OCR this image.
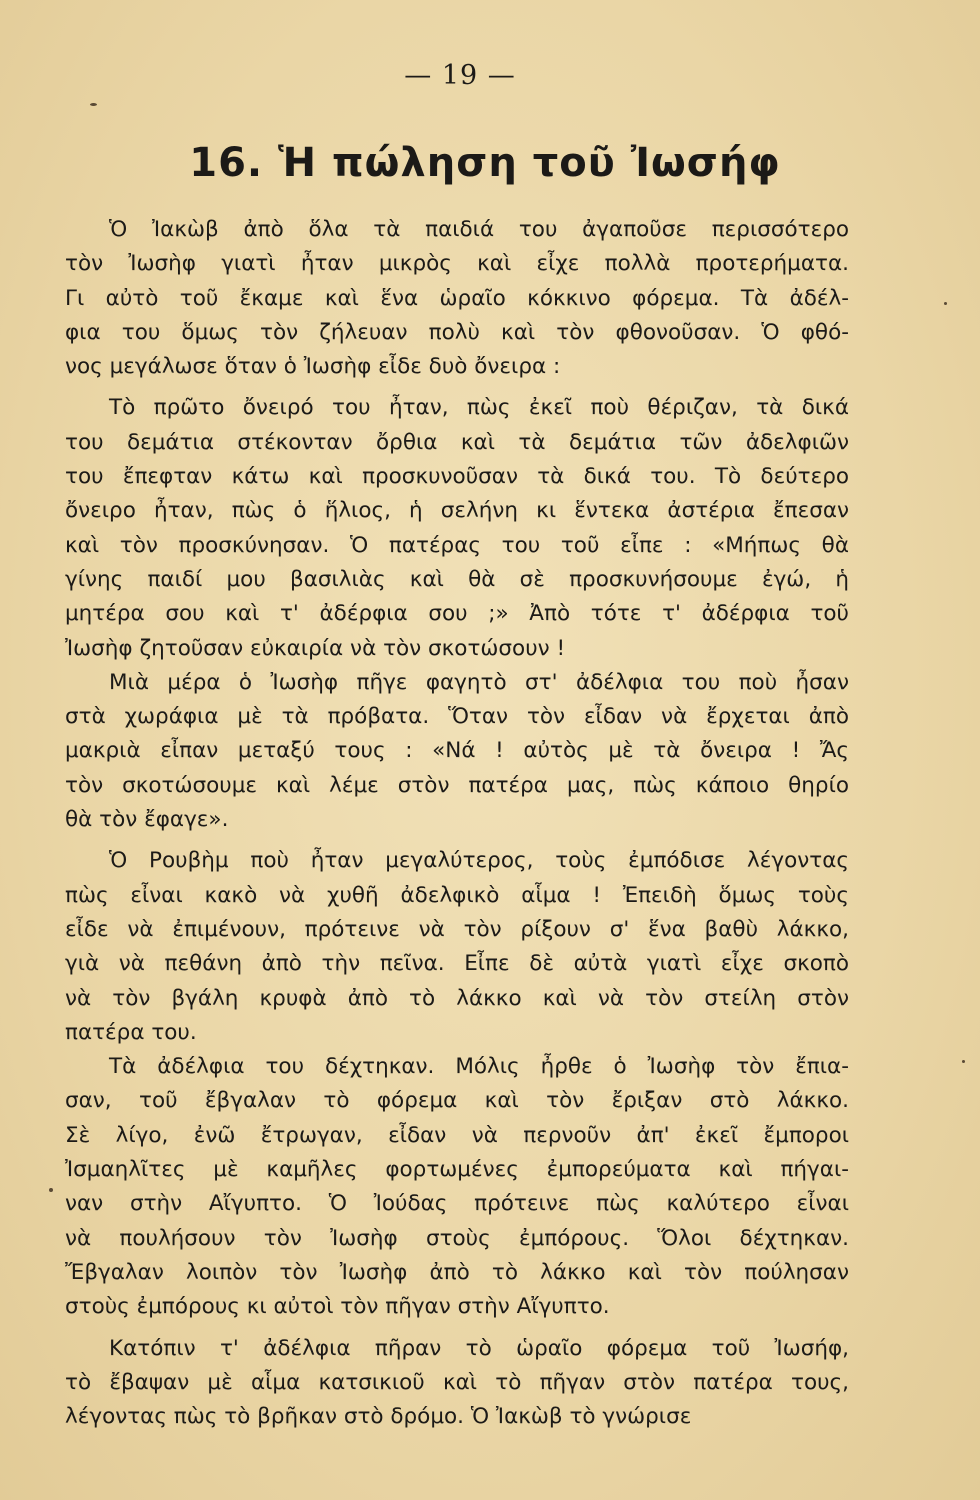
— 19 —
16. Ἡ πώληση τοῦ Ἰωσήφ
Ὁ Ἰακὼβ ἀπὸ ὅλα τὰ παιδιά του ἀγαποῦσε περισσότερο
τὸν Ἰωσὴφ γιατὶ ἦταν μικρὸς καὶ εἶχε πολλὰ προτερήματα.
Γι αὐτὸ τοῦ ἔκαμε καὶ ἕνα ὡραῖο κόκκινο φόρεμα. Τὰ ἀδέλ-
φια του ὅμως τὸν ζήλευαν πολὺ καὶ τὸν φθονοῦσαν. Ὁ φθό-
νος μεγάλωσε ὅταν ὁ Ἰωσὴφ εἶδε δυὸ ὄνειρα :
Τὸ πρῶτο ὄνειρό του ἦταν, πὼς ἐκεῖ ποὺ θέριζαν, τὰ δικά
του δεμάτια στέκονταν ὄρθια καὶ τὰ δεμάτια τῶν ἀδελφιῶν
του ἔπεφταν κάτω καὶ προσκυνοῦσαν τὰ δικά του. Τὸ δεύτερο
ὄνειρο ἦταν, πὼς ὁ ἥλιος, ἡ σελήνη κι ἕντεκα ἀστέρια ἔπεσαν
καὶ τὸν προσκύνησαν. Ὁ πατέρας του τοῦ εἶπε : «Μήπως θὰ
γίνης παιδί μου βασιλιὰς καὶ θὰ σὲ προσκυνήσουμε ἐγώ, ἡ
μητέρα σου καὶ τ' ἀδέρφια σου ;» Ἀπὸ τότε τ' ἀδέρφια τοῦ
Ἰωσὴφ ζητοῦσαν εὐκαιρία νὰ τὸν σκοτώσουν !
Μιὰ μέρα ὁ Ἰωσὴφ πῆγε φαγητὸ στ' ἀδέλφια του ποὺ ἦσαν
στὰ χωράφια μὲ τὰ πρόβατα. Ὅταν τὸν εἶδαν νὰ ἔρχεται ἀπὸ
μακριὰ εἶπαν μεταξύ τους : «Νά ! αὐτὸς μὲ τὰ ὄνειρα ! Ἄς
τὸν σκοτώσουμε καὶ λέμε στὸν πατέρα μας, πὼς κάποιο θηρίο
θὰ τὸν ἔφαγε».
Ὁ Ρουβὴμ ποὺ ἦταν μεγαλύτερος, τοὺς ἐμπόδισε λέγοντας
πὼς εἶναι κακὸ νὰ χυθῆ ἀδελφικὸ αἷμα ! Ἐπειδὴ ὅμως τοὺς
εἶδε νὰ ἐπιμένουν, πρότεινε νὰ τὸν ρίξουν σ' ἕνα βαθὺ λάκκο,
γιὰ νὰ πεθάνη ἀπὸ τὴν πεῖνα. Εἶπε δὲ αὐτὰ γιατὶ εἶχε σκοπὸ
νὰ τὸν βγάλη κρυφὰ ἀπὸ τὸ λάκκο καὶ νὰ τὸν στείλη στὸν
πατέρα του.
Τὰ ἀδέλφια του δέχτηκαν. Μόλις ἦρθε ὁ Ἰωσὴφ τὸν ἔπια-
σαν, τοῦ ἔβγαλαν τὸ φόρεμα καὶ τὸν ἔριξαν στὸ λάκκο.
Σὲ λίγο, ἐνῶ ἔτρωγαν, εἶδαν νὰ περνοῦν ἀπ' ἐκεῖ ἔμποροι
Ἰσμαηλῖτες μὲ καμῆλες φορτωμένες ἐμπορεύματα καὶ πήγαι-
ναν στὴν Αἴγυπτο. Ὁ Ἰούδας πρότεινε πὼς καλύτερο εἶναι
νὰ πουλήσουν τὸν Ἰωσὴφ στοὺς ἐμπόρους. Ὅλοι δέχτηκαν.
Ἔβγαλαν λοιπὸν τὸν Ἰωσὴφ ἀπὸ τὸ λάκκο καὶ τὸν πούλησαν
στοὺς ἐμπόρους κι αὐτοὶ τὸν πῆγαν στὴν Αἴγυπτο.
Κατόπιν τ' ἀδέλφια πῆραν τὸ ὡραῖο φόρεμα τοῦ Ἰωσήφ,
τὸ ἔβαψαν μὲ αἷμα κατσικιοῦ καὶ τὸ πῆγαν στὸν πατέρα τους,
λέγοντας πὼς τὸ βρῆκαν στὸ δρόμο. Ὁ Ἰακὼβ τὸ γνώρισε
